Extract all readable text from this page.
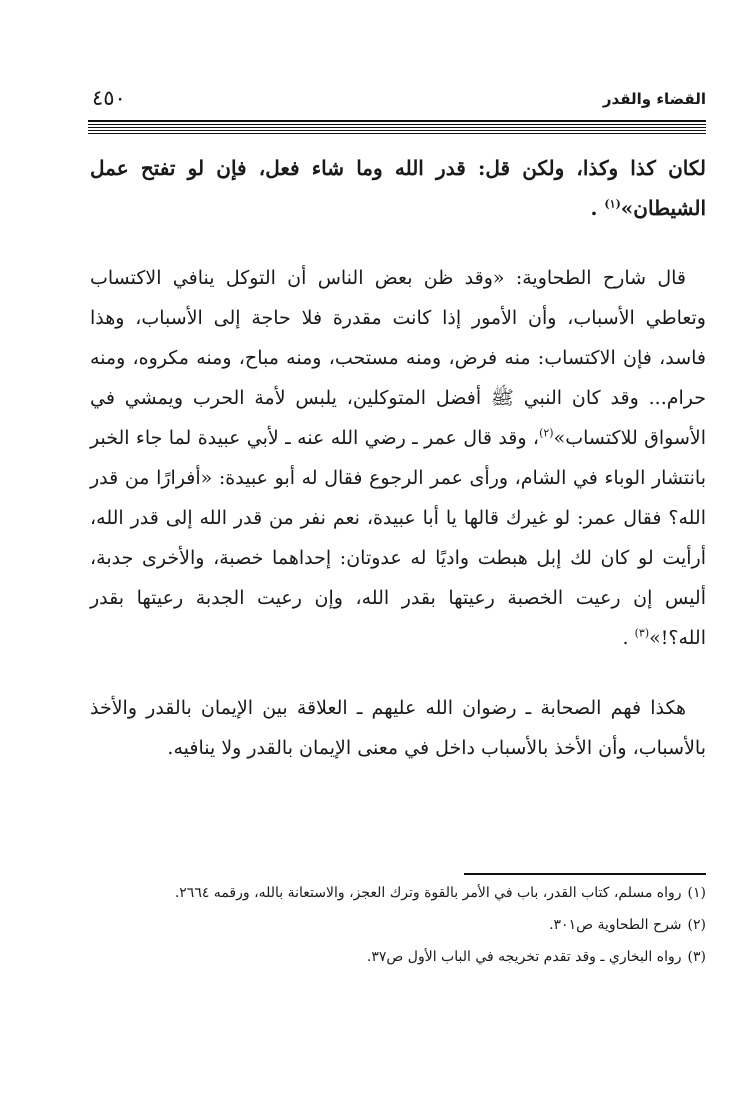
القضاء والقدر
٤٥٠

لكان كذا وكذا، ولكن قل: قدر الله وما شاء فعل، فإن لو تفتح عمل الشيطان»$^{(١)}$ .

قال شارح الطحاوية: «وقد ظن بعض الناس أن التوكل ينافي الاكتساب وتعاطي الأسباب، وأن الأمور إذا كانت مقدرة فلا حاجة إلى الأسباب، وهذا فاسد، فإن الاكتساب: منه فرض، ومنه مستحب، ومنه مباح، ومنه مكروه، ومنه حرام... وقد كان النبي ﷺ أفضل المتوكلين، يلبس لأمة الحرب ويمشي في الأسواق للاكتساب»$^{(٢)}$، وقد قال عمر ـ رضي الله عنه ـ لأبي عبيدة لما جاء الخبر بانتشار الوباء في الشام، ورأى عمر الرجوع فقال له أبو عبيدة: «أفرارًا من قدر الله؟ فقال عمر: لو غيرك قالها يا أبا عبيدة، نعم نفر من قدر الله إلى قدر الله، أرأيت لو كان لك إبل هبطت واديًا له عدوتان: إحداهما خصبة، والأخرى جدبة، أليس إن رعيت الخصبة رعيتها بقدر الله، وإن رعيت الجدبة رعيتها بقدر الله؟!»$^{(٣)}$ .

هكذا فهم الصحابة ـ رضوان الله عليهم ـ العلاقة بين الإيمان بالقدر والأخذ بالأسباب، وأن الأخذ بالأسباب داخل في معنى الإيمان بالقدر ولا ينافيه.

(١)رواه مسلم، كتاب القدر، باب في الأمر بالقوة وترك العجز، والاستعانة بالله، ورقمه ٢٦٦٤.

(٢)شرح الطحاوية ص٣٠١.

(٣)رواه البخاري ـ وقد تقدم تخريجه في الباب الأول ص٣٧.
